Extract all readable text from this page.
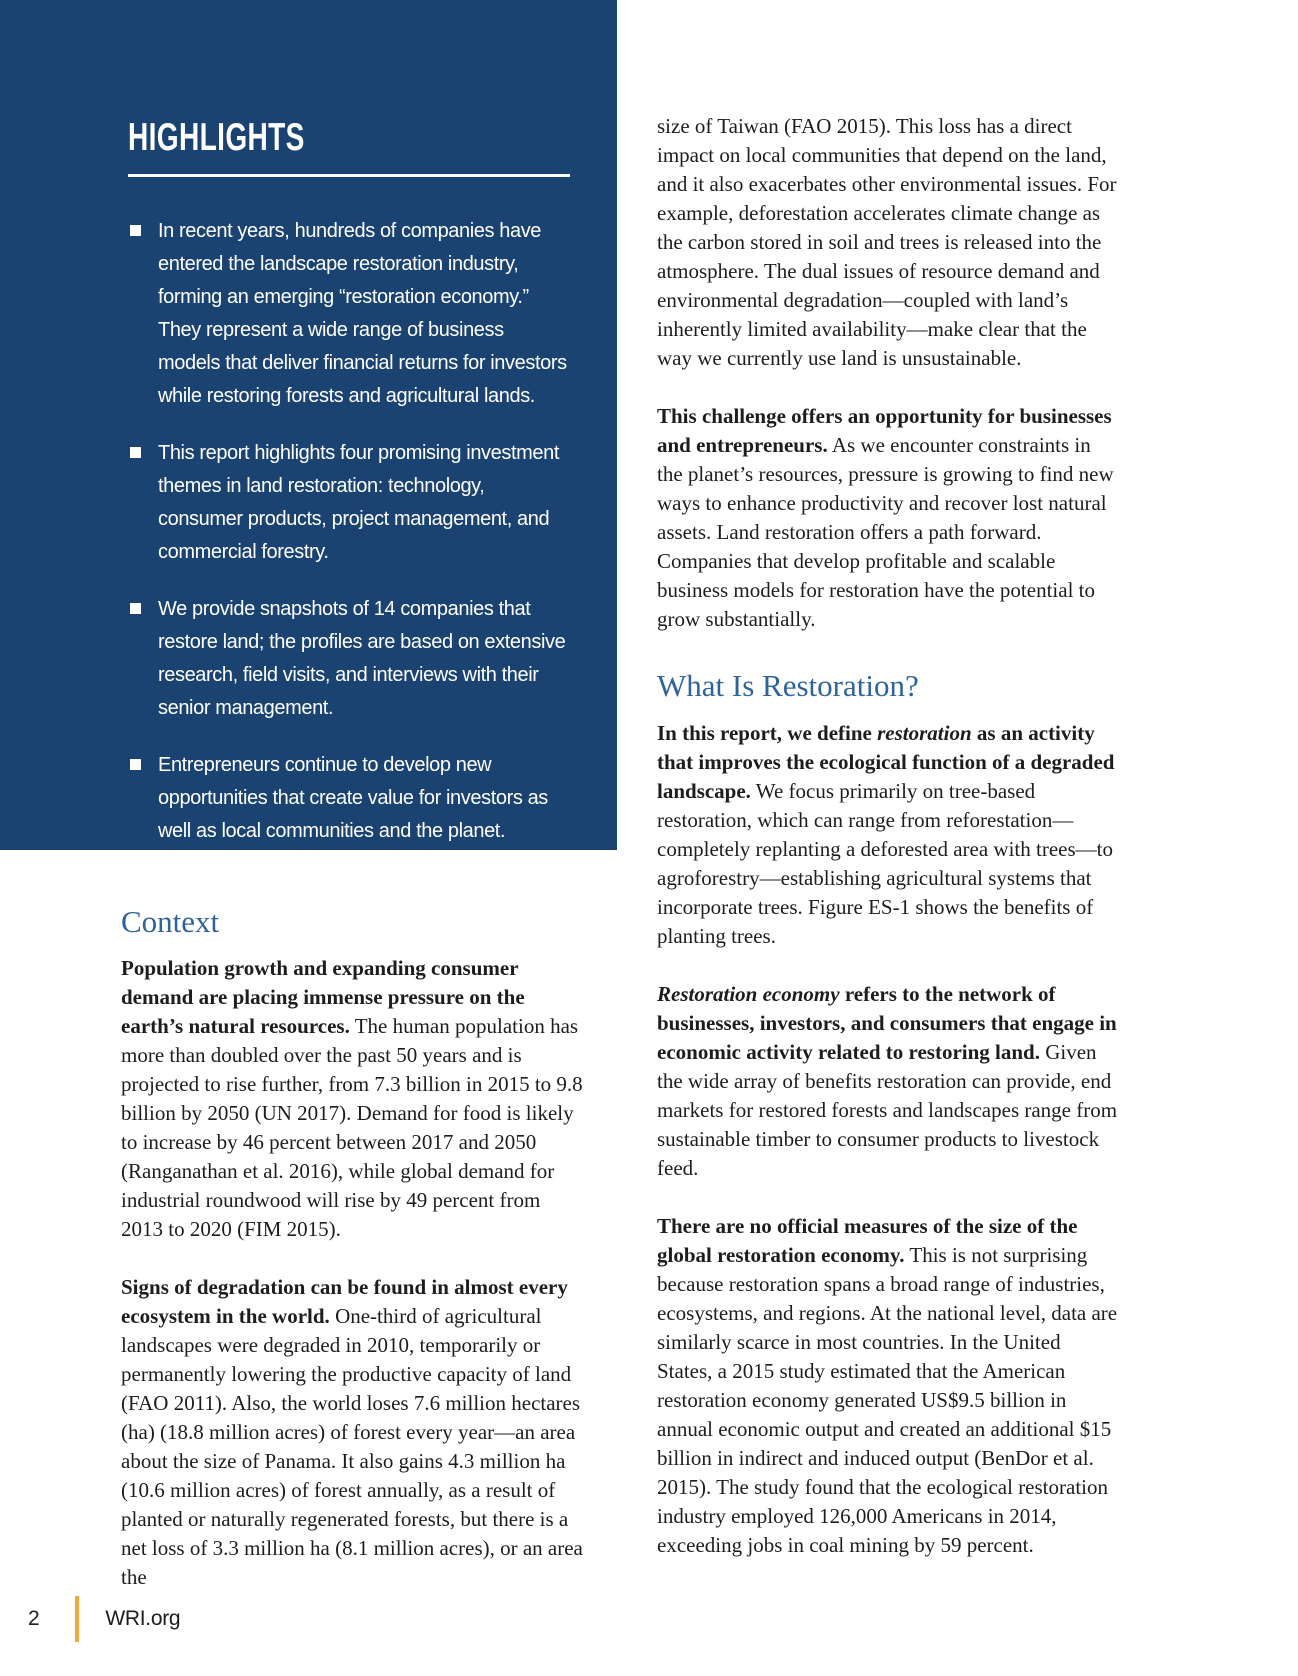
HIGHLIGHTS
In recent years, hundreds of companies have entered the landscape restoration industry, forming an emerging “restoration economy.” They represent a wide range of business models that deliver financial returns for investors while restoring forests and agricultural lands.
This report highlights four promising investment themes in land restoration: technology, consumer products, project management, and commercial forestry.
We provide snapshots of 14 companies that restore land; the profiles are based on extensive research, field visits, and interviews with their senior management.
Entrepreneurs continue to develop new opportunities that create value for investors as well as local communities and the planet.
Context

Population growth and expanding consumer demand are placing immense pressure on the earth’s natural resources. The human population has more than doubled over the past 50 years and is projected to rise further, from 7.3 billion in 2015 to 9.8 billion by 2050 (UN 2017). Demand for food is likely to increase by 46 percent between 2017 and 2050 (Ranganathan et al. 2016), while global demand for industrial roundwood will rise by 49 percent from 2013 to 2020 (FIM 2015).

Signs of degradation can be found in almost every ecosystem in the world. One-third of agricultural landscapes were degraded in 2010, temporarily or permanently lowering the productive capacity of land (FAO 2011). Also, the world loses 7.6 million hectares (ha) (18.8 million acres) of forest every year—an area about the size of Panama. It also gains 4.3 million ha (10.6 million acres) of forest annually, as a result of planted or naturally regenerated forests, but there is a net loss of 3.3 million ha (8.1 million acres), or an area the

size of Taiwan (FAO 2015). This loss has a direct impact on local communities that depend on the land, and it also exacerbates other environmental issues. For example, deforestation accelerates climate change as the carbon stored in soil and trees is released into the atmosphere. The dual issues of resource demand and environmental degradation—coupled with land’s inherently limited availability—make clear that the way we currently use land is unsustainable.

This challenge offers an opportunity for businesses and entrepreneurs. As we encounter constraints in the planet’s resources, pressure is growing to find new ways to enhance productivity and recover lost natural assets. Land restoration offers a path forward. Companies that develop profitable and scalable business models for restoration have the potential to grow substantially.

What Is Restoration?

In this report, we define restoration as an activity that improves the ecological function of a degraded landscape. We focus primarily on tree-based restoration, which can range from reforestation—completely replanting a deforested area with trees—to agroforestry—establishing agricultural systems that incorporate trees. Figure ES-1 shows the benefits of planting trees.

Restoration economy refers to the network of businesses, investors, and consumers that engage in economic activity related to restoring land. Given the wide array of benefits restoration can provide, end markets for restored forests and landscapes range from sustainable timber to consumer products to livestock feed.

There are no official measures of the size of the global restoration economy. This is not surprising because restoration spans a broad range of industries, ecosystems, and regions. At the national level, data are similarly scarce in most countries. In the United States, a 2015 study estimated that the American restoration economy generated US$9.5 billion in annual economic output and created an additional $15 billion in indirect and induced output (BenDor et al. 2015). The study found that the ecological restoration industry employed 126,000 Americans in 2014, exceeding jobs in coal mining by 59 percent.

2	WRI.org
